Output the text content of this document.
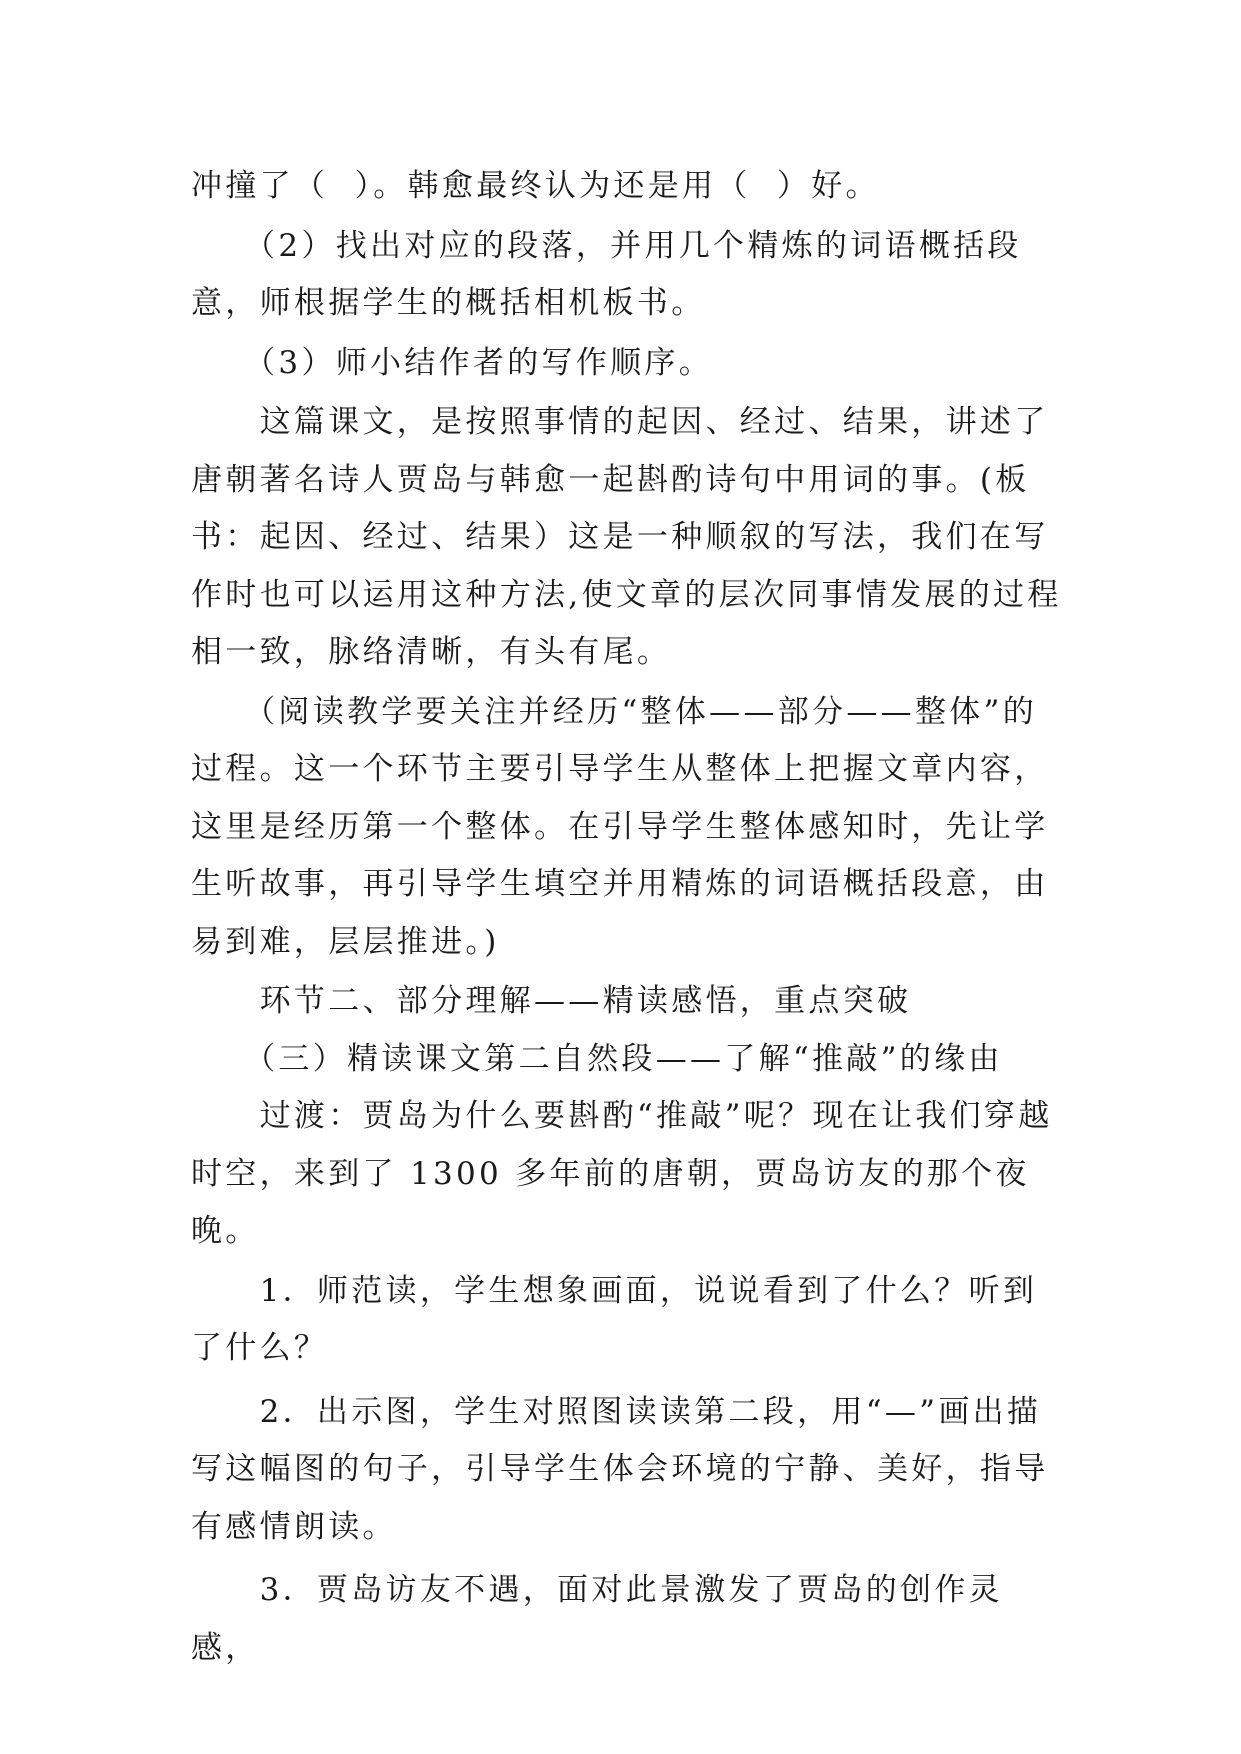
冲撞了（  ）。韩愈最终认为还是用（  ）好。

　　（2）找出对应的段落，并用几个精炼的词语概括段意，师根据学生的概括相机板书。

　　（3）师小结作者的写作顺序。

　　这篇课文，是按照事情的起因、经过、结果，讲述了唐朝著名诗人贾岛与韩愈一起斟酌诗句中用词的事。(板书：起因、经过、结果）这是一种顺叙的写法，我们在写作时也可以运用这种方法,使文章的层次同事情发展的过程相一致，脉络清晰，有头有尾。

　　（阅读教学要关注并经历“整体——部分——整体”的过程。这一个环节主要引导学生从整体上把握文章内容，这里是经历第一个整体。在引导学生整体感知时，先让学生听故事，再引导学生填空并用精炼的词语概括段意，由易到难，层层推进。)

　　环节二、部分理解——精读感悟，重点突破

　　（三）精读课文第二自然段——了解“推敲”的缘由

　　过渡：贾岛为什么要斟酌“推敲”呢？现在让我们穿越时空，来到了 1300 多年前的唐朝，贾岛访友的那个夜晚。

　　1．师范读，学生想象画面，说说看到了什么？听到了什么？

　　2．出示图，学生对照图读读第二段，用“—”画出描写这幅图的句子，引导学生体会环境的宁静、美好，指导有感情朗读。

　　3．贾岛访友不遇，面对此景激发了贾岛的创作灵感，
